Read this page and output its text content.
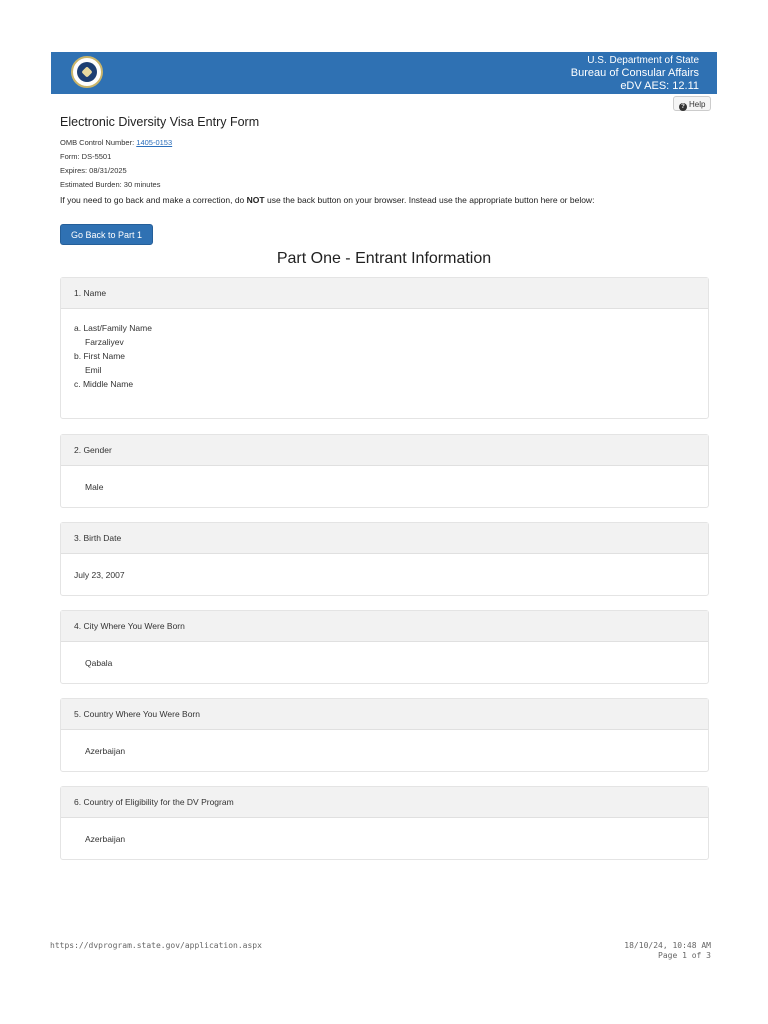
U.S. Department of State
Bureau of Consular Affairs
eDV AES: 12.11
? Help
Electronic Diversity Visa Entry Form
OMB Control Number: 1405-0153
Form: DS-5501
Expires: 08/31/2025
Estimated Burden: 30 minutes
If you need to go back and make a correction, do NOT use the back button on your browser. Instead use the appropriate button here or below:
Go Back to Part 1
Part One - Entrant Information
1. Name
a. Last/Family Name
Farzaliyev
b. First Name
Emil
c. Middle Name
2. Gender
Male
3. Birth Date
July 23, 2007
4. City Where You Were Born
Qabala
5. Country Where You Were Born
Azerbaijan
6. Country of Eligibility for the DV Program
Azerbaijan
https://dvprogram.state.gov/application.aspx	18/10/24, 10:48 AM
Page 1 of 3
